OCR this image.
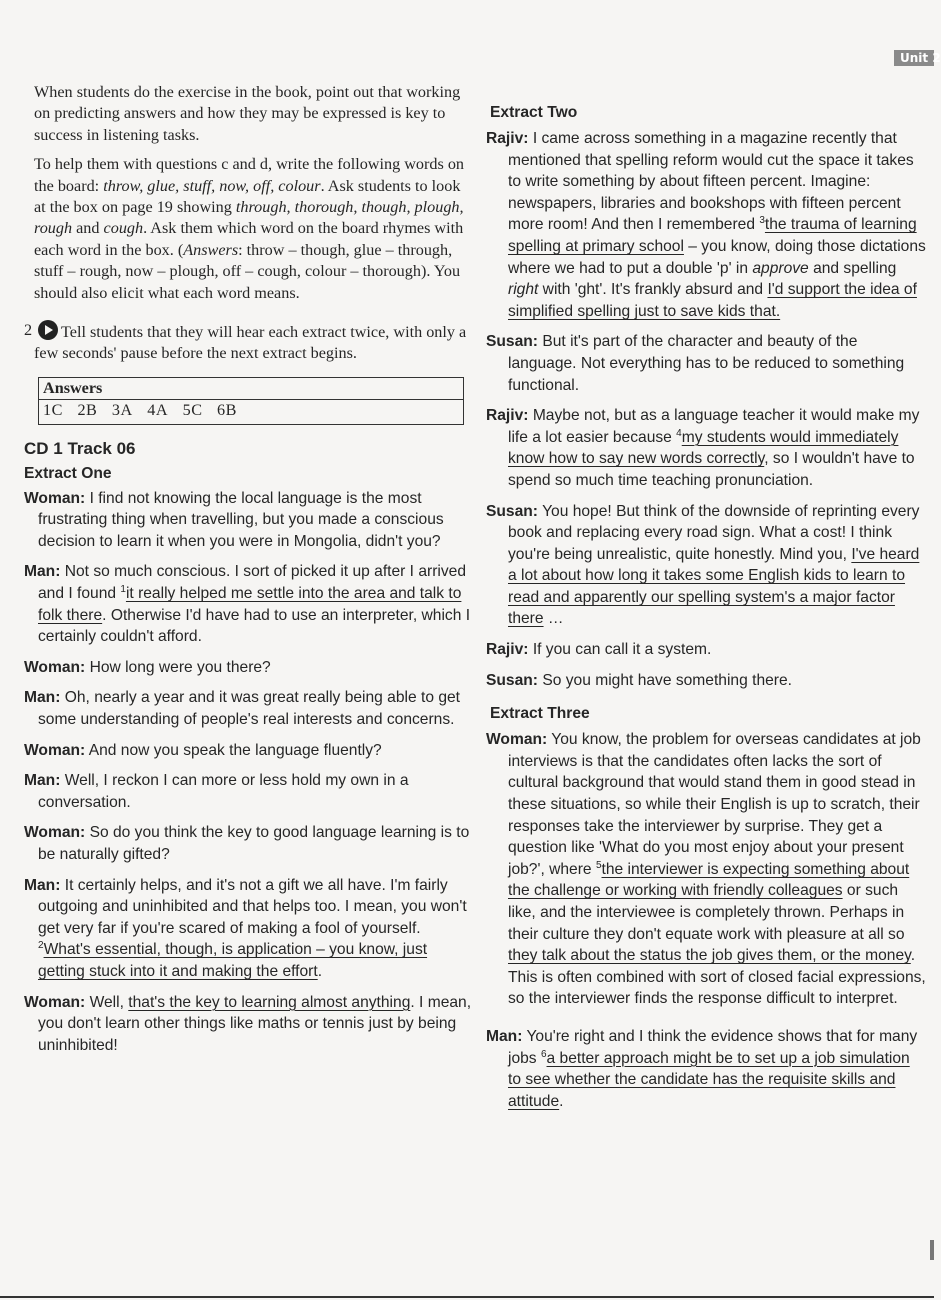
Unit 2

When students do the exercise in the book, point out that working on predicting answers and how they may be expressed is key to success in listening tasks.

To help them with questions c and d, write the following words on the board: throw, glue, stuff, now, off, colour. Ask students to look at the box on page 19 showing through, thorough, though, plough, rough and cough. Ask them which word on the board rhymes with each word in the box. (Answers: throw – though, glue – through, stuff – rough, now – plough, off – cough, colour – thorough). You should also elicit what each word means.

2	Tell students that they will hear each extract twice, with only a few seconds' pause before the next extract begins.
Answers
1C 2B 3A 4A 5C 6B
CD 1 Track 06
Extract One

Woman: I find not knowing the local language is the most frustrating thing when travelling, but you made a conscious decision to learn it when you were in Mongolia, didn't you?

Man: Not so much conscious. I sort of picked it up after I arrived and I found $^1$it really helped me settle into the area and talk to folk there. Otherwise I'd have had to use an interpreter, which I certainly couldn't afford.

Woman: How long were you there?

Man: Oh, nearly a year and it was great really being able to get some understanding of people's real interests and concerns.

Woman: And now you speak the language fluently?

Man: Well, I reckon I can more or less hold my own in a conversation.

Woman: So do you think the key to good language learning is to be naturally gifted?

Man: It certainly helps, and it's not a gift we all have. I'm fairly outgoing and uninhibited and that helps too. I mean, you won't get very far if you're scared of making a fool of yourself. $^2$What's essential, though, is application – you know, just getting stuck into it and making the effort.

Woman: Well, that's the key to learning almost anything. I mean, you don't learn other things like maths or tennis just by being uninhibited!

Extract Two

Rajiv: I came across something in a magazine recently that mentioned that spelling reform would cut the space it takes to write something by about fifteen percent. Imagine: newspapers, libraries and bookshops with fifteen percent more room! And then I remembered $^3$the trauma of learning spelling at primary school – you know, doing those dictations where we had to put a double 'p' in approve and spelling right with 'ght'. It's frankly absurd and I'd support the idea of simplified spelling just to save kids that.

Susan: But it's part of the character and beauty of the language. Not everything has to be reduced to something functional.

Rajiv: Maybe not, but as a language teacher it would make my life a lot easier because $^4$my students would immediately know how to say new words correctly, so I wouldn't have to spend so much time teaching pronunciation.

Susan: You hope! But think of the downside of reprinting every book and replacing every road sign. What a cost! I think you're being unrealistic, quite honestly. Mind you, I've heard a lot about how long it takes some English kids to learn to read and apparently our spelling system's a major factor there …

Rajiv: If you can call it a system.

Susan: So you might have something there.

Extract Three

Woman: You know, the problem for overseas candidates at job interviews is that the candidates often lacks the sort of cultural background that would stand them in good stead in these situations, so while their English is up to scratch, their responses take the interviewer by surprise. They get a question like 'What do you most enjoy about your present job?', where $^5$the interviewer is expecting something about the challenge or working with friendly colleagues or such like, and the interviewee is completely thrown. Perhaps in their culture they don't equate work with pleasure at all so they talk about the status the job gives them, or the money. This is often combined with sort of closed facial expressions, so the interviewer finds the response difficult to interpret.

Man: You're right and I think the evidence shows that for many jobs $^6$a better approach might be to set up a job simulation to see whether the candidate has the requisite skills and attitude.
